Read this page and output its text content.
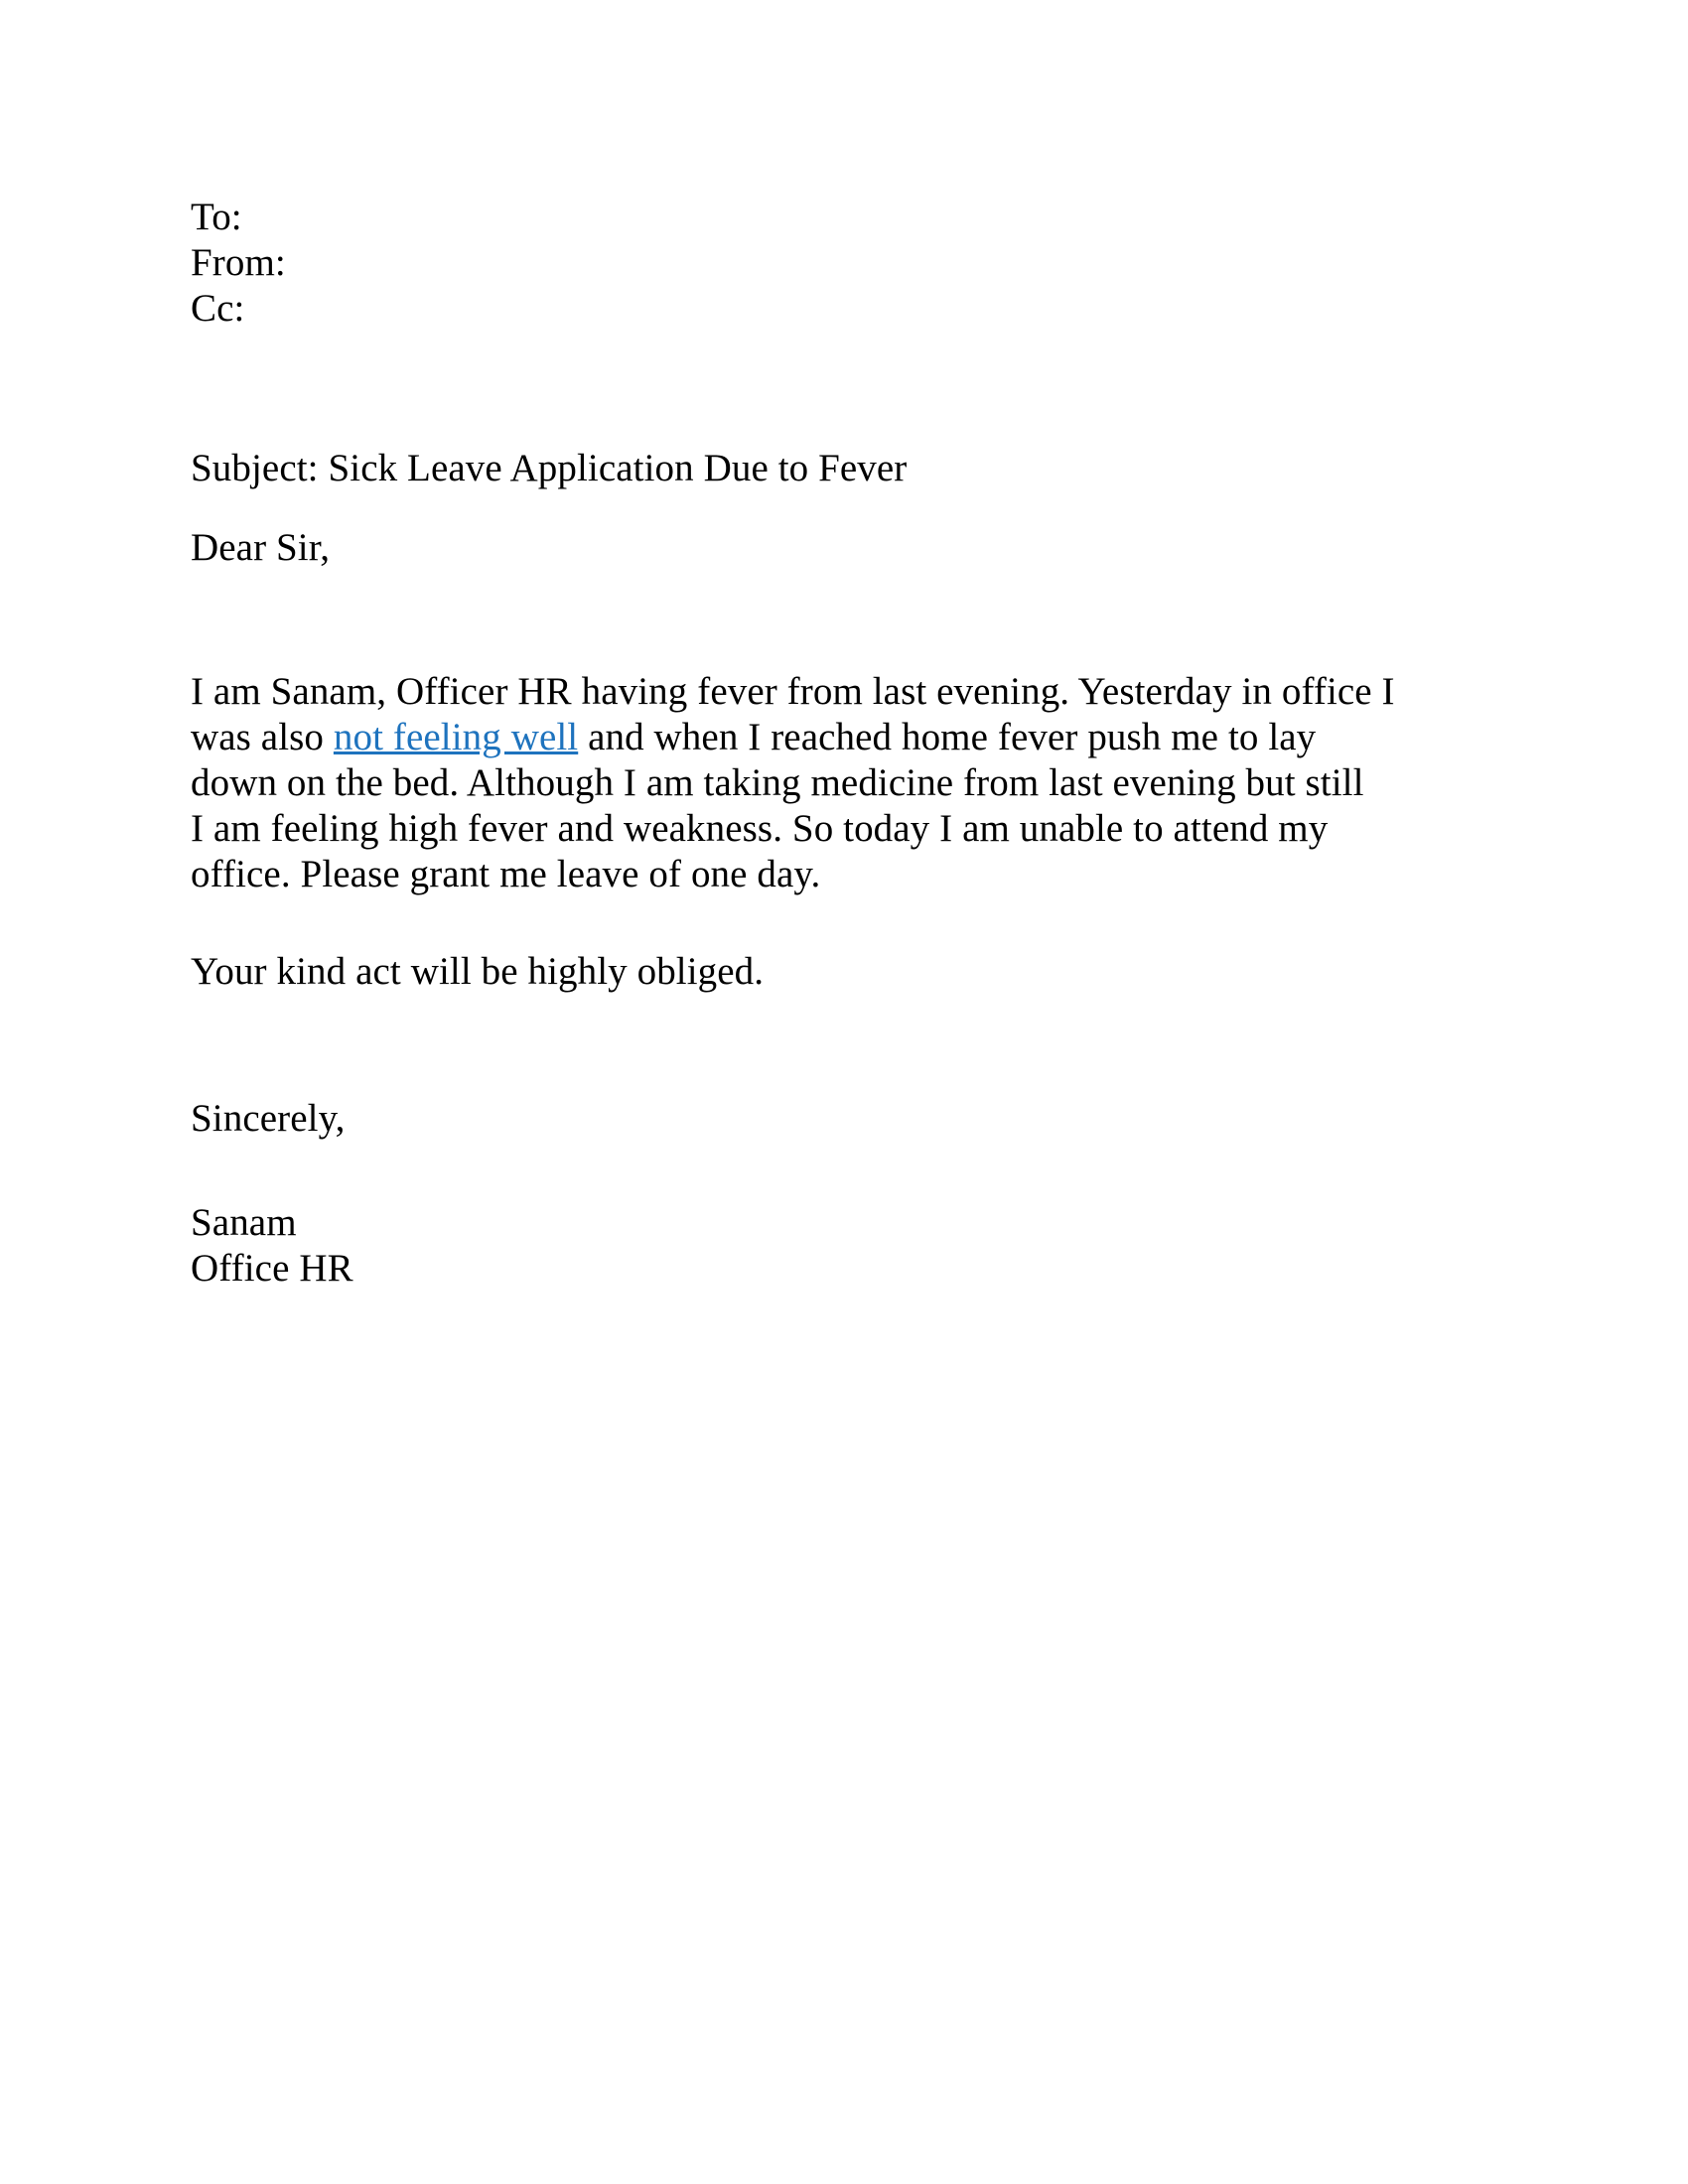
To:
From:
Cc:
Subject: Sick Leave Application Due to Fever
Dear Sir,
I am Sanam, Officer HR having fever from last evening. Yesterday in office I
was also not feeling well and when I reached home fever push me to lay
down on the bed. Although I am taking medicine from last evening but still
I am feeling high fever and weakness. So today I am unable to attend my
office. Please grant me leave of one day.
Your kind act will be highly obliged.
Sincerely,
Sanam
Office HR
